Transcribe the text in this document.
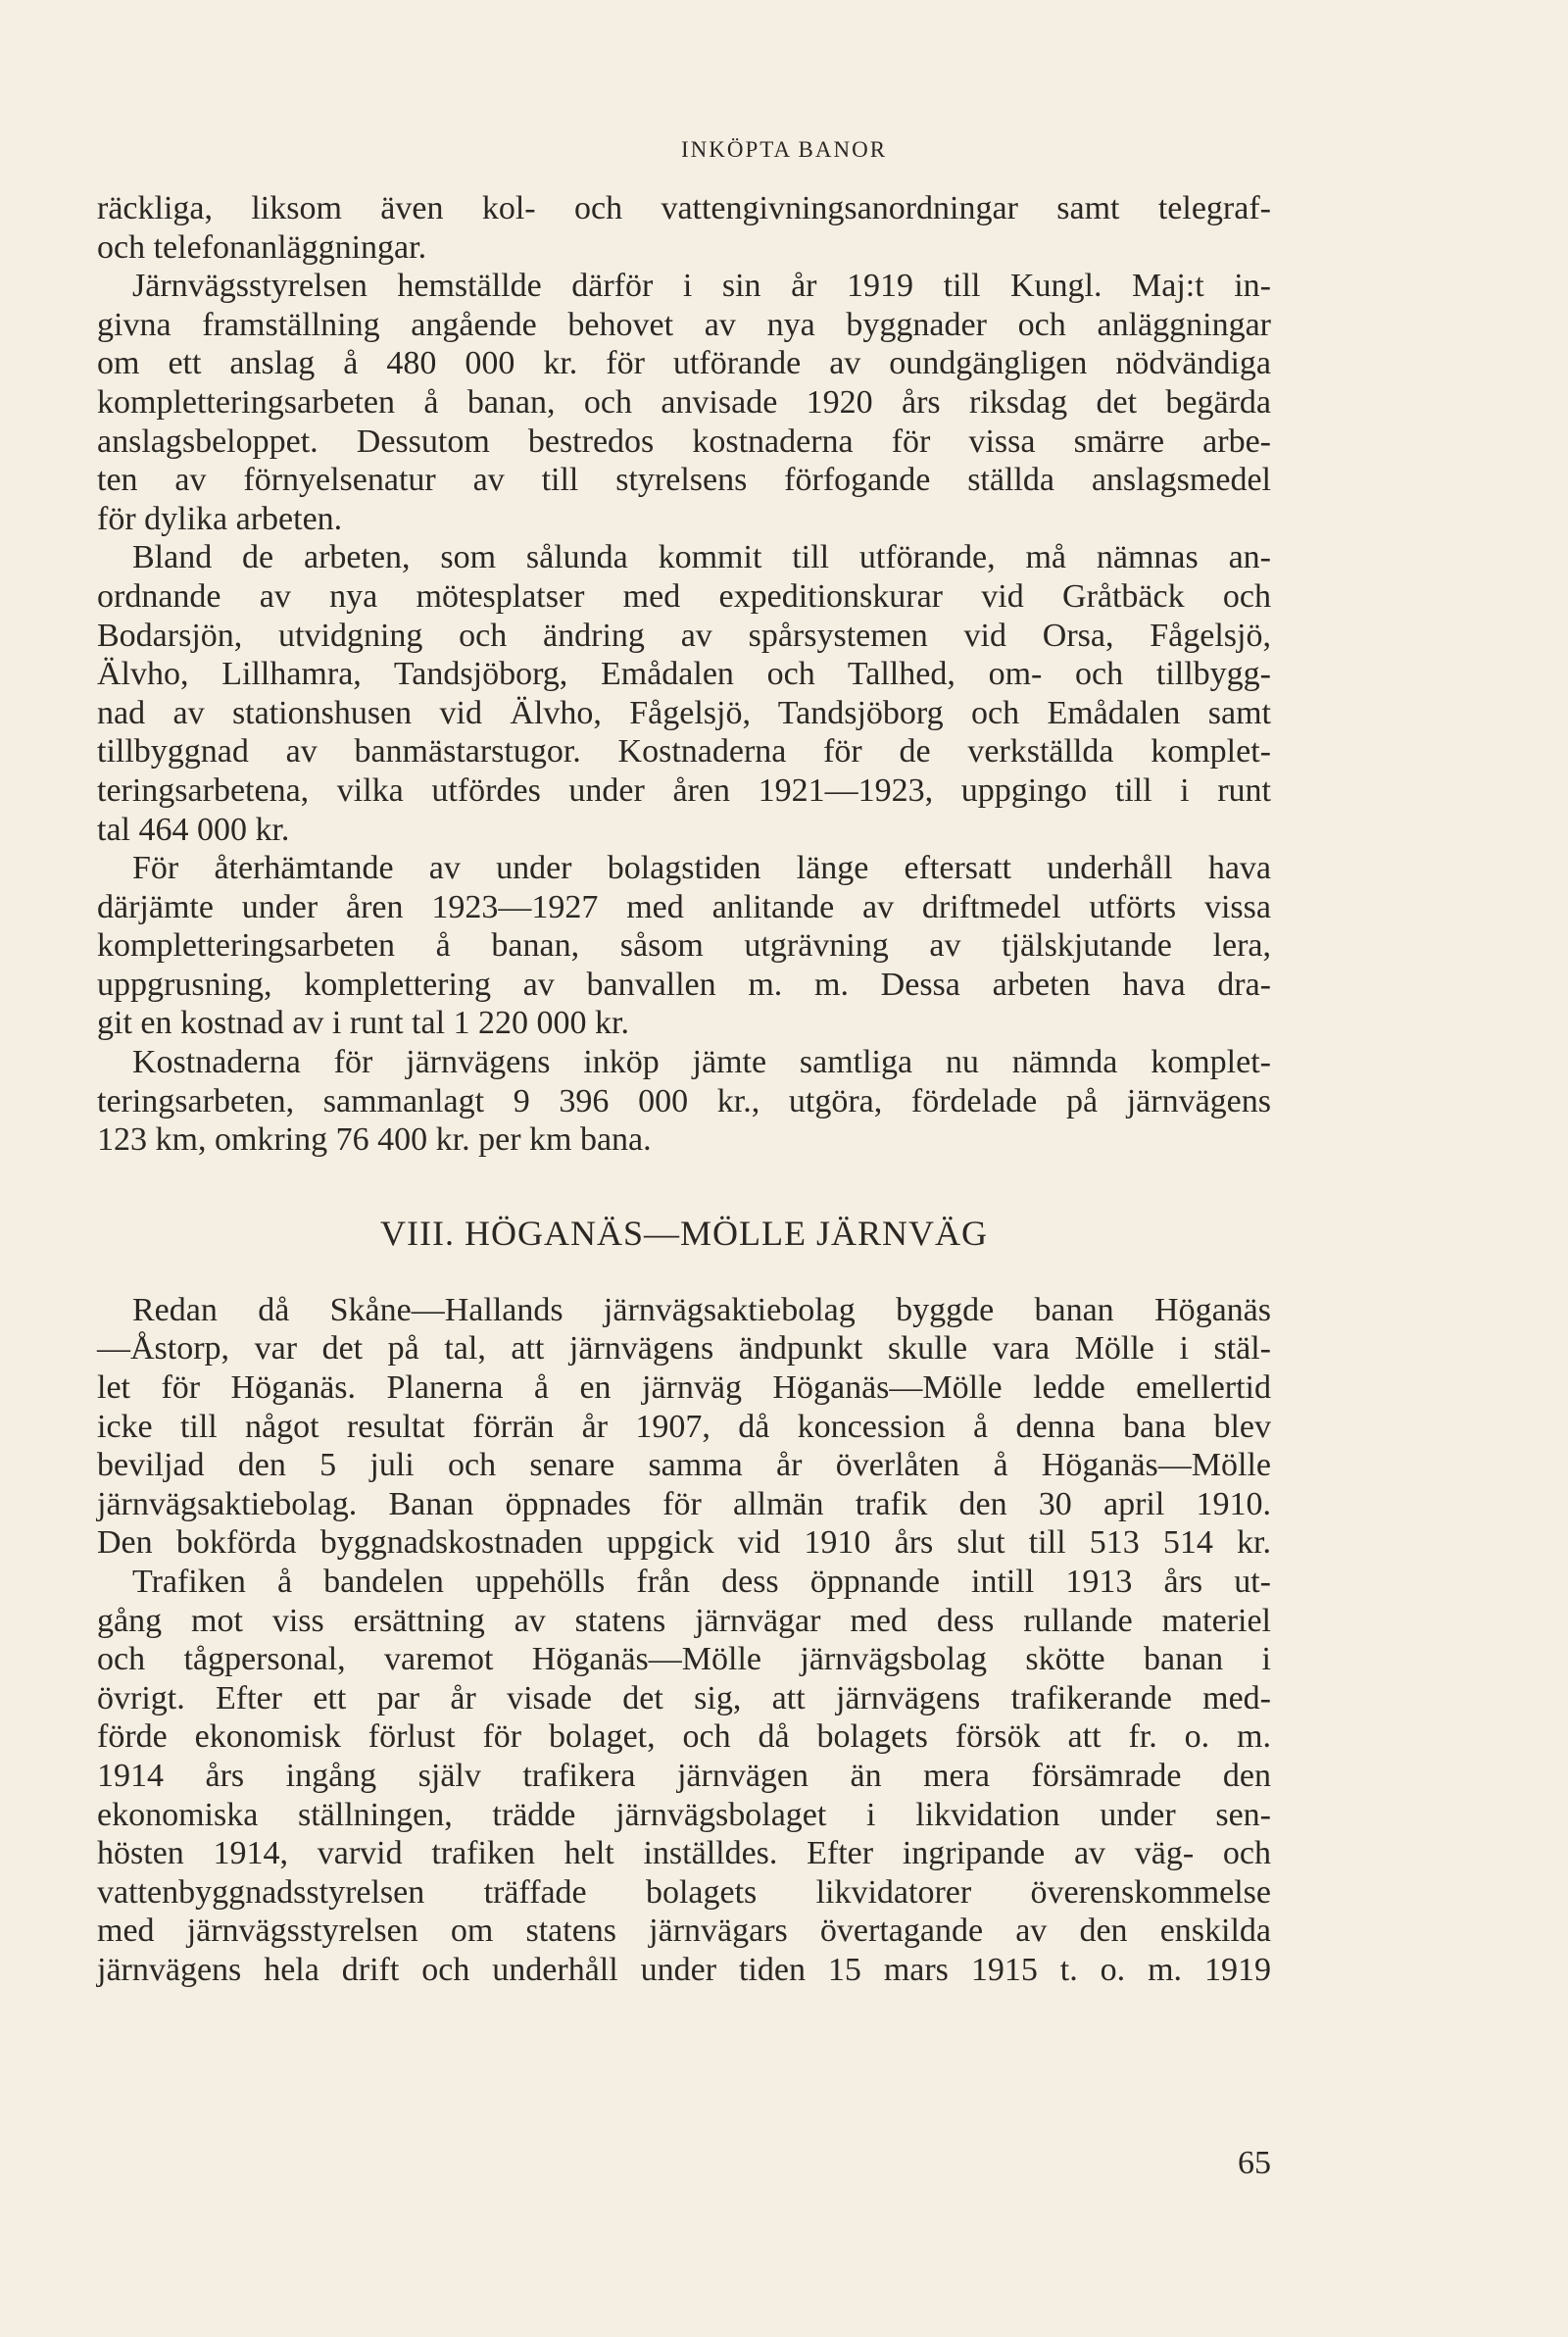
INKÖPTA BANOR
räckliga, liksom även kol- och vattengivningsanordningar samt telegraf-
och telefonanläggningar.
Järnvägsstyrelsen hemställde därför i sin år 1919 till Kungl. Maj:t in-
givna framställning angående behovet av nya byggnader och anläggningar
om ett anslag å 480 000 kr. för utförande av oundgängligen nödvändiga
kompletteringsarbeten å banan, och anvisade 1920 års riksdag det begärda
anslagsbeloppet. Dessutom bestredos kostnaderna för vissa smärre arbe-
ten av förnyelsenatur av till styrelsens förfogande ställda anslagsmedel
för dylika arbeten.
Bland de arbeten, som sålunda kommit till utförande, må nämnas an-
ordnande av nya mötesplatser med expeditionskurar vid Gråtbäck och
Bodarsjön, utvidgning och ändring av spårsystemen vid Orsa, Fågelsjö,
Älvho, Lillhamra, Tandsjöborg, Emådalen och Tallhed, om- och tillbygg-
nad av stationshusen vid Älvho, Fågelsjö, Tandsjöborg och Emådalen samt
tillbyggnad av banmästarstugor. Kostnaderna för de verkställda komplet-
teringsarbetena, vilka utfördes under åren 1921—1923, uppgingo till i runt
tal 464 000 kr.
För återhämtande av under bolagstiden länge eftersatt underhåll hava
därjämte under åren 1923—1927 med anlitande av driftmedel utförts vissa
kompletteringsarbeten å banan, såsom utgrävning av tjälskjutande lera,
uppgrusning, komplettering av banvallen m. m. Dessa arbeten hava dra-
git en kostnad av i runt tal 1 220 000 kr.
Kostnaderna för järnvägens inköp jämte samtliga nu nämnda komplet-
teringsarbeten, sammanlagt 9 396 000 kr., utgöra, fördelade på järnvägens
123 km, omkring 76 400 kr. per km bana.
VIII. HÖGANÄS—MÖLLE JÄRNVÄG
Redan då Skåne—Hallands järnvägsaktiebolag byggde banan Höganäs
—Åstorp, var det på tal, att järnvägens ändpunkt skulle vara Mölle i stäl-
let för Höganäs. Planerna å en järnväg Höganäs—Mölle ledde emellertid
icke till något resultat förrän år 1907, då koncession å denna bana blev
beviljad den 5 juli och senare samma år överlåten å Höganäs—Mölle
järnvägsaktiebolag. Banan öppnades för allmän trafik den 30 april 1910.
Den bokförda byggnadskostnaden uppgick vid 1910 års slut till 513 514 kr.
Trafiken å bandelen uppehölls från dess öppnande intill 1913 års ut-
gång mot viss ersättning av statens järnvägar med dess rullande materiel
och tågpersonal, varemot Höganäs—Mölle järnvägsbolag skötte banan i
övrigt. Efter ett par år visade det sig, att järnvägens trafikerande med-
förde ekonomisk förlust för bolaget, och då bolagets försök att fr. o. m.
1914 års ingång själv trafikera järnvägen än mera försämrade den
ekonomiska ställningen, trädde järnvägsbolaget i likvidation under sen-
hösten 1914, varvid trafiken helt inställdes. Efter ingripande av väg- och
vattenbyggnadsstyrelsen träffade bolagets likvidatorer överenskommelse
med järnvägsstyrelsen om statens järnvägars övertagande av den enskilda
järnvägens hela drift och underhåll under tiden 15 mars 1915 t. o. m. 1919
65
